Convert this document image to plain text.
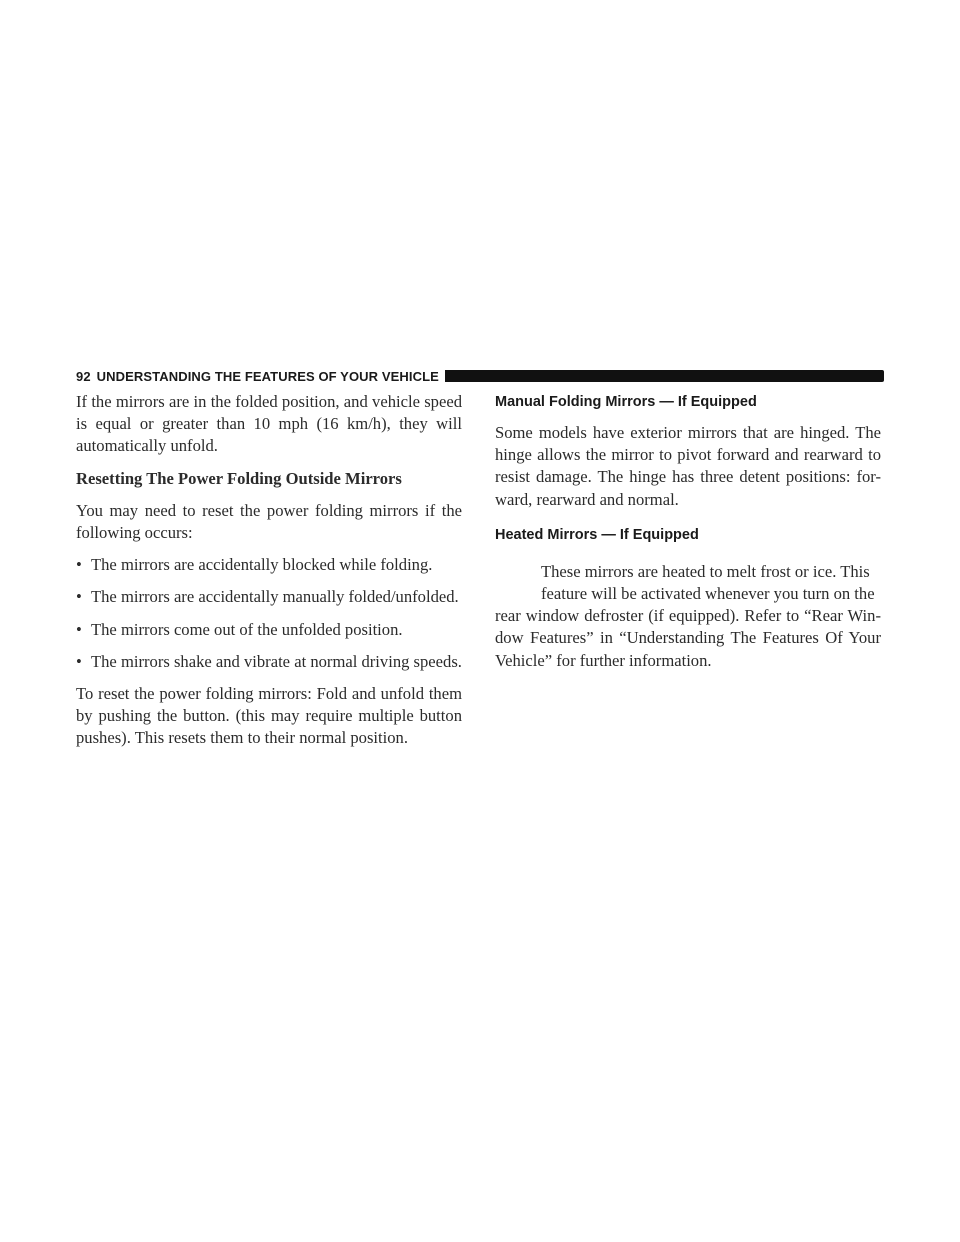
92 UNDERSTANDING THE FEATURES OF YOUR VEHICLE

If the mirrors are in the folded position, and vehicle speed is equal or greater than 10 mph (16 km/h), they will automatically unfold.

Resetting The Power Folding Outside Mirrors

You may need to reset the power folding mirrors if the following occurs:

• The mirrors are accidentally blocked while folding.
• The mirrors are accidentally manually folded/unfolded.
• The mirrors come out of the unfolded position.
• The mirrors shake and vibrate at normal driving speeds.

To reset the power folding mirrors: Fold and unfold them by pushing the button. (this may require multiple button pushes). This resets them to their normal position.

Manual Folding Mirrors — If Equipped

Some models have exterior mirrors that are hinged. The hinge allows the mirror to pivot forward and rearward to resist damage. The hinge has three detent positions: for-ward, rearward and normal.

Heated Mirrors — If Equipped

These mirrors are heated to melt frost or ice. This
feature will be activated whenever you turn on the
rear window defroster (if equipped). Refer to “Rear Win-dow Features” in “Understanding The Features Of Your Vehicle” for further information.
